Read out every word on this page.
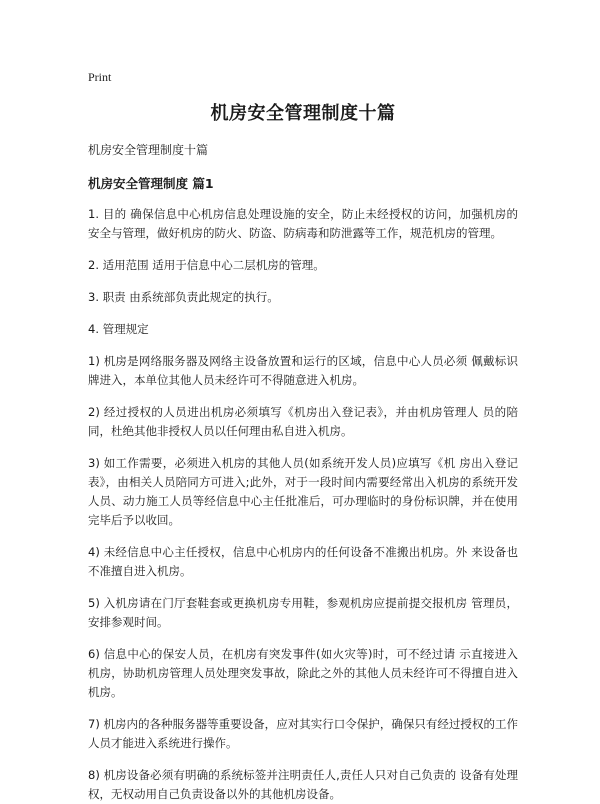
Print
机房安全管理制度十篇
机房安全管理制度十篇
机房安全管理制度 篇1

1. 目的 确保信息中心机房信息处理设施的安全，防止未经授权的访问，加强机房的安全与管理，做好机房的防火、防盗、防病毒和防泄露等工作，规范机房的管理。

2. 适用范围 适用于信息中心二层机房的管理。

3. 职责 由系统部负责此规定的执行。

4. 管理规定

1) 机房是网络服务器及网络主设备放置和运行的区域，信息中心人员必须 佩戴标识牌进入，本单位其他人员未经许可不得随意进入机房。

2) 经过授权的人员进出机房必须填写《机房出入登记表》，并由机房管理人 员的陪同，杜绝其他非授权人员以任何理由私自进入机房。

3) 如工作需要，必须进入机房的其他人员(如系统开发人员)应填写《机 房出入登记表》，由相关人员陪同方可进入;此外，对于一段时间内需要经常出入机房的系统开发人员、动力施工人员等经信息中心主任批准后，可办理临时的身份标识牌，并在使用完毕后予以收回。

4) 未经信息中心主任授权，信息中心机房内的任何设备不准搬出机房。外 来设备也不准擅自进入机房。

5) 入机房请在门厅套鞋套或更换机房专用鞋，参观机房应提前提交报机房 管理员，安排参观时间。

6) 信息中心的保安人员，在机房有突发事件(如火灾等)时，可不经过请 示直接进入机房，协助机房管理人员处理突发事故，除此之外的其他人员未经许可不得擅自进入机房。

7) 机房内的各种服务器等重要设备，应对其实行口令保护，确保只有经过授权的工作人员才能进入系统进行操作。

8) 机房设备必须有明确的系统标签并注明责任人,责任人只对自己负责的 设备有处理权，无权动用自己负责设备以外的其他机房设备。
